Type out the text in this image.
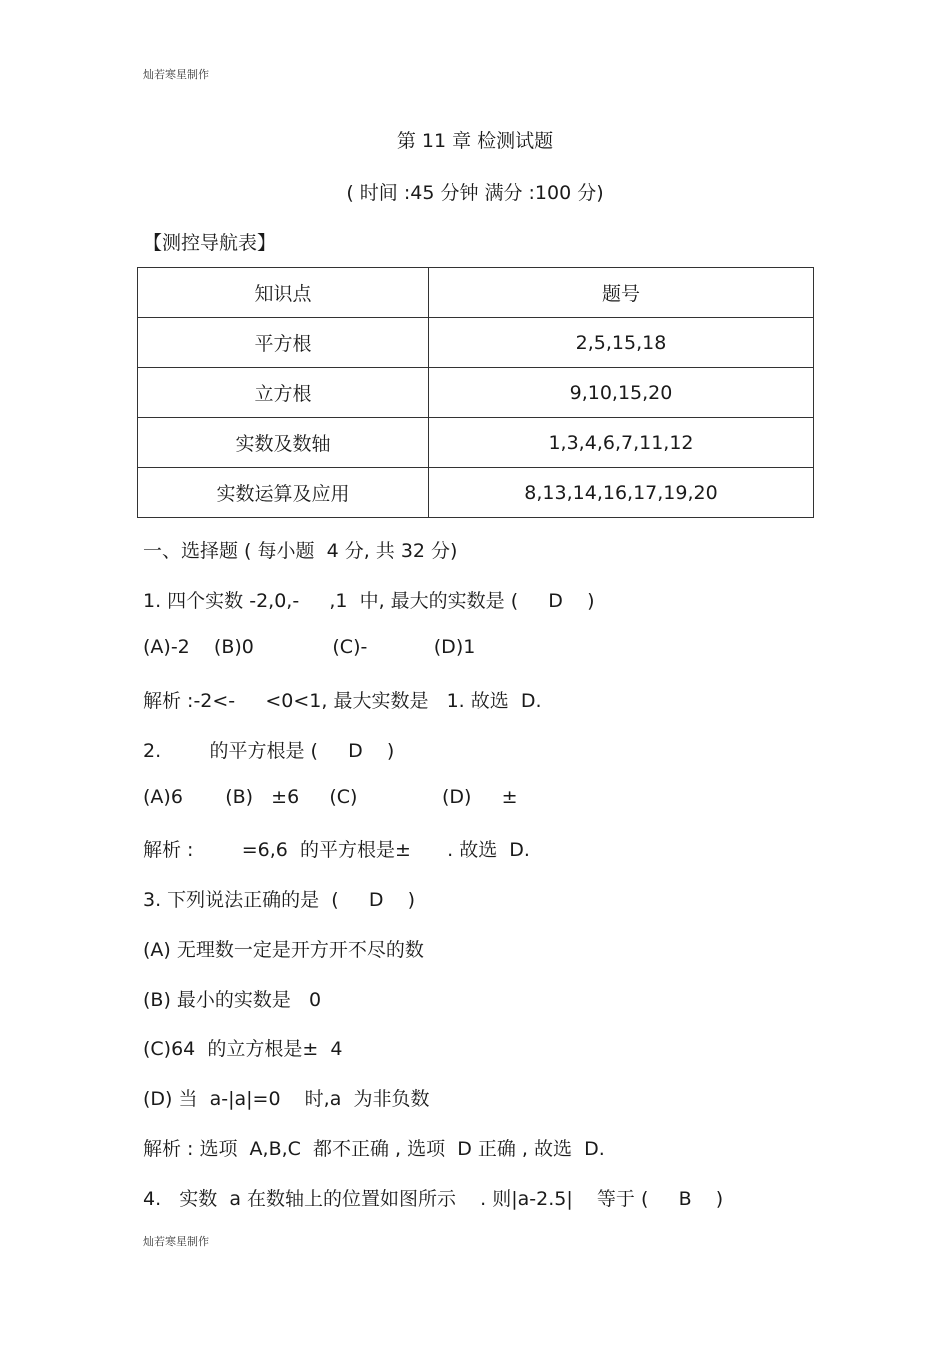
灿若寒星制作
第 11 章 检测试题
( 时间 :45 分钟 满分 :100 分)
【测控导航表】
知识点	题号
平方根	2,5,15,18
立方根	9,10,15,20
实数及数轴	1,3,4,6,7,11,12
实数运算及应用	8,13,14,16,17,19,20
一、选择题 ( 每小题  4 分, 共 32 分)
1. 四个实数 -2,0,-     ,1  中, 最大的实数是 (     D    )
(A)-2    (B)0             (C)-           (D)1
解析 :-2<-     <0<1, 最大实数是   1. 故选  D.
2.        的平方根是 (     D    )
(A)6       (B)   ±6     (C)              (D)     ±
解析 :        =6,6  的平方根是±      . 故选  D.
3. 下列说法正确的是  (     D    )
(A) 无理数一定是开方开不尽的数
(B) 最小的实数是   0
(C)64  的立方根是±  4
(D) 当  a-|a|=0    时,a  为非负数
解析 : 选项  A,B,C  都不正确 , 选项  D 正确 , 故选  D.
4.   实数  a 在数轴上的位置如图所示    . 则|a-2.5|    等于 (     B    )
灿若寒星制作
